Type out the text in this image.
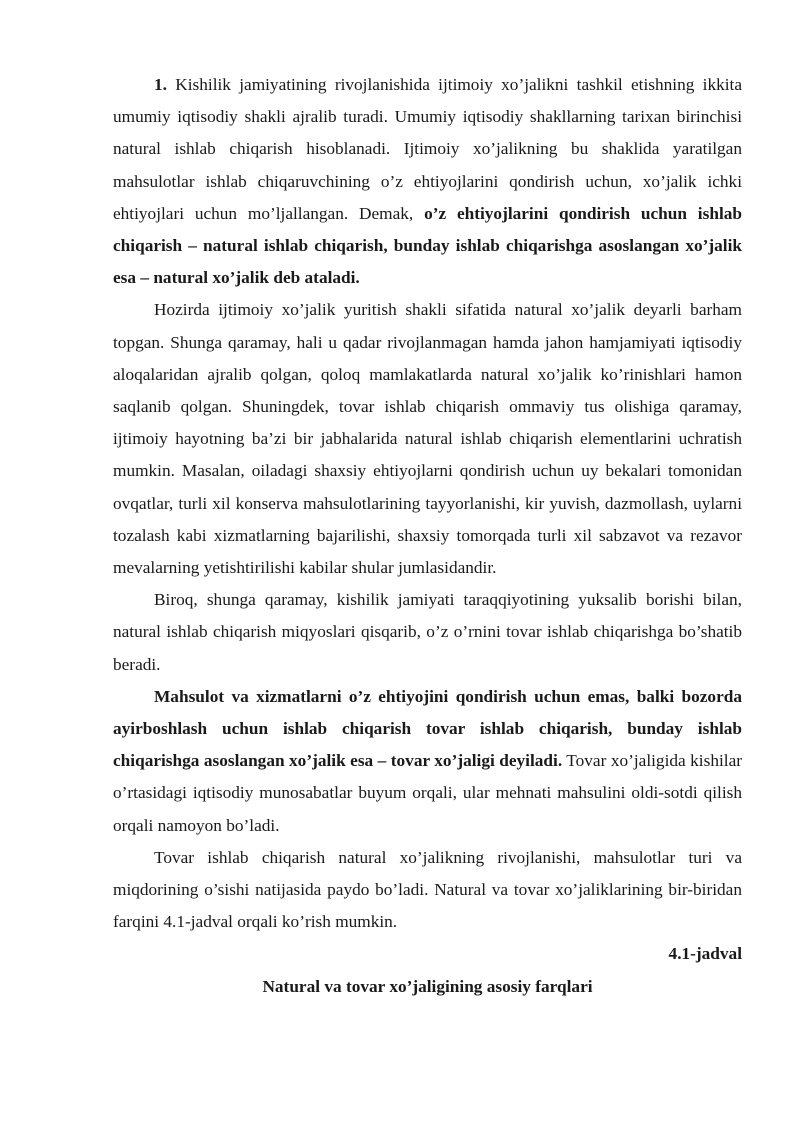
1. Kishilik jamiyatining rivojlanishida ijtimoiy xo’jalikni tashkil etishning ikkita umumiy iqtisodiy shakli ajralib turadi. Umumiy iqtisodiy shakllarning tarixan birinchisi natural ishlab chiqarish hisoblanadi. Ijtimoiy xo’jalikning bu shaklida yaratilgan mahsulotlar ishlab chiqaruvchining o’z ehtiyojlarini qondirish uchun, xo’jalik ichki ehtiyojlari uchun mo’ljallangan. Demak, o’z ehtiyojlarini qondirish uchun ishlab chiqarish – natural ishlab chiqarish, bunday ishlab chiqarishga asoslangan xo’jalik esa – natural xo’jalik deb ataladi.

Hozirda ijtimoiy xo’jalik yuritish shakli sifatida natural xo’jalik deyarli barham topgan. Shunga qaramay, hali u qadar rivojlanmagan hamda jahon hamjamiyati iqtisodiy aloqalaridan ajralib qolgan, qoloq mamlakatlarda natural xo’jalik ko’rinishlari hamon saqlanib qolgan. Shuningdek, tovar ishlab chiqarish ommaviy tus olishiga qaramay, ijtimoiy hayotning ba’zi bir jabhalarida natural ishlab chiqarish elementlarini uchratish mumkin. Masalan, oiladagi shaxsiy ehtiyojlarni qondirish uchun uy bekalari tomonidan ovqatlar, turli xil konserva mahsulotlarining tayyorlanishi, kir yuvish, dazmollash, uylarni tozalash kabi xizmatlarning bajarilishi, shaxsiy tomorqada turli xil sabzavot va rezavor mevalarning yetishtirilishi kabilar shular jumlasidandir.

Biroq, shunga qaramay, kishilik jamiyati taraqqiyotining yuksalib borishi bilan, natural ishlab chiqarish miqyoslari qisqarib, o’z o’rnini tovar ishlab chiqarishga bo’shatib beradi.

Mahsulot va xizmatlarni o’z ehtiyojini qondirish uchun emas, balki bozorda ayirboshlash uchun ishlab chiqarish tovar ishlab chiqarish, bunday ishlab chiqarishga asoslangan xo’jalik esa – tovar xo’jaligi deyiladi. Tovar xo’jaligida kishilar o’rtasidagi iqtisodiy munosabatlar buyum orqali, ular mehnati mahsulini oldi-sotdi qilish orqali namoyon bo’ladi.

Tovar ishlab chiqarish natural xo’jalikning rivojlanishi, mahsulotlar turi va miqdorining o’sishi natijasida paydo bo’ladi. Natural va tovar xo’jaliklarining bir-biridan farqini 4.1-jadval orqali ko’rish mumkin.

4.1-jadval
Natural va tovar xo’jaligining asosiy farqlari
